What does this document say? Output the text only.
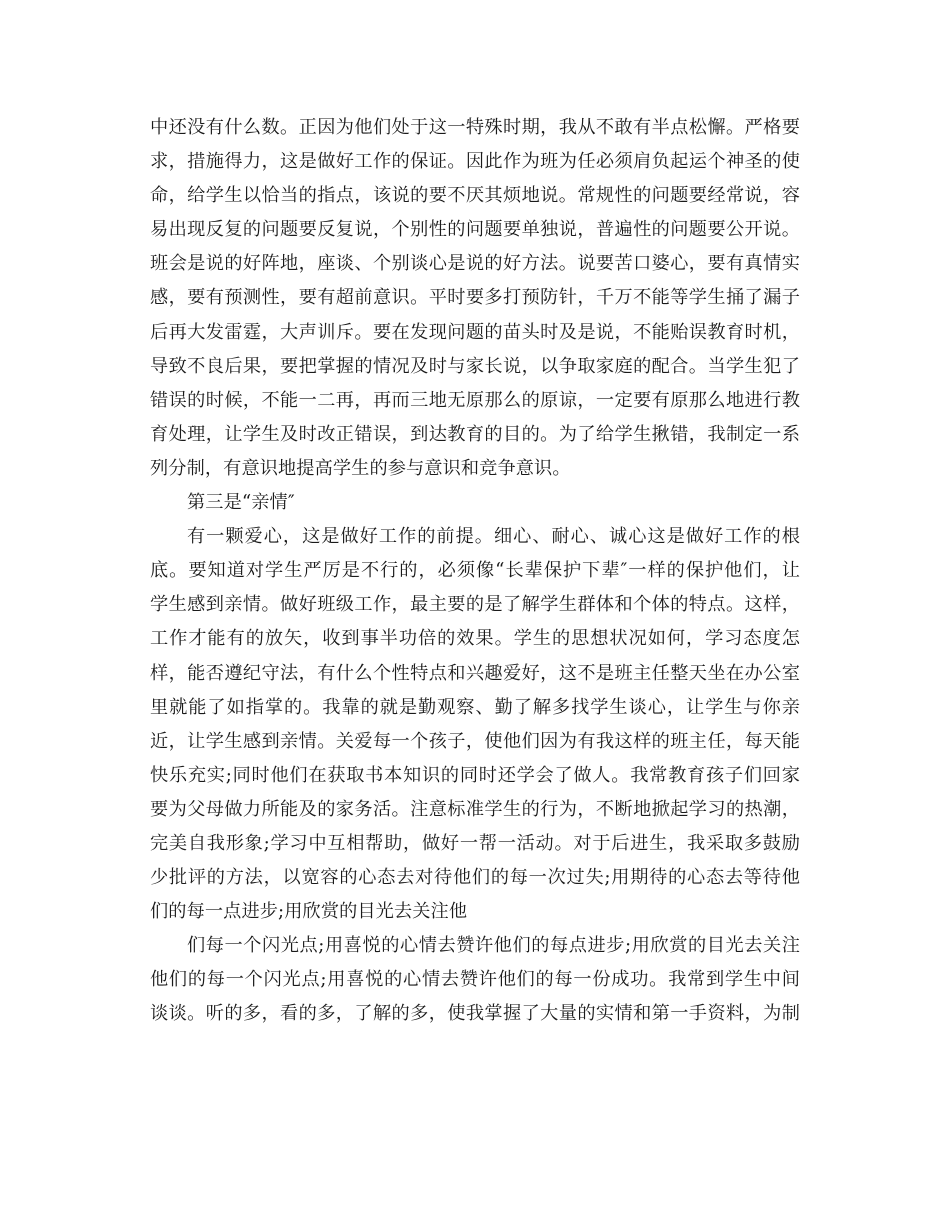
中还没有什么数。正因为他们处于这一特殊时期，我从不敢有半点松懈。严格要
求，措施得力，这是做好工作的保证。因此作为班为任必须肩负起运个神圣的使
命，给学生以恰当的指点，该说的要不厌其烦地说。常规性的问题要经常说，容
易出现反复的问题要反复说，个别性的问题要单独说，普遍性的问题要公开说。
班会是说的好阵地，座谈、个别谈心是说的好方法。说要苦口婆心，要有真情实
感，要有预测性，要有超前意识。平时要多打预防针，千万不能等学生捅了漏子
后再大发雷霆，大声训斥。要在发现问题的苗头时及是说，不能贻误教育时机，
导致不良后果，要把掌握的情况及时与家长说，以争取家庭的配合。当学生犯了
错误的时候，不能一二再，再而三地无原那么的原谅，一定要有原那么地进行教
育处理，让学生及时改正错误，到达教育的目的。为了给学生揪错，我制定一系
列分制，有意识地提高学生的参与意识和竞争意识。
第三是“亲情″
有一颗爱心，这是做好工作的前提。细心、耐心、诚心这是做好工作的根
底。要知道对学生严厉是不行的，必须像“长辈保护下辈″一样的保护他们，让
学生感到亲情。做好班级工作，最主要的是了解学生群体和个体的特点。这样，
工作才能有的放矢，收到事半功倍的效果。学生的思想状况如何，学习态度怎
样，能否遵纪守法，有什么个性特点和兴趣爱好，这不是班主任整天坐在办公室
里就能了如指掌的。我靠的就是勤观察、勤了解多找学生谈心，让学生与你亲
近，让学生感到亲情。关爱每一个孩子，使他们因为有我这样的班主任，每天能
快乐充实;同时他们在获取书本知识的同时还学会了做人。我常教育孩子们回家
要为父母做力所能及的家务活。注意标准学生的行为，不断地掀起学习的热潮，
完美自我形象;学习中互相帮助，做好一帮一活动。对于后进生，我采取多鼓励
少批评的方法，以宽容的心态去对待他们的每一次过失;用期待的心态去等待他
们的每一点进步;用欣赏的目光去关注他
们每一个闪光点;用喜悦的心情去赞许他们的每点进步;用欣赏的目光去关注
他们的每一个闪光点;用喜悦的心情去赞许他们的每一份成功。我常到学生中间
谈谈。听的多，看的多，了解的多，使我掌握了大量的实情和第一手资料，为制
